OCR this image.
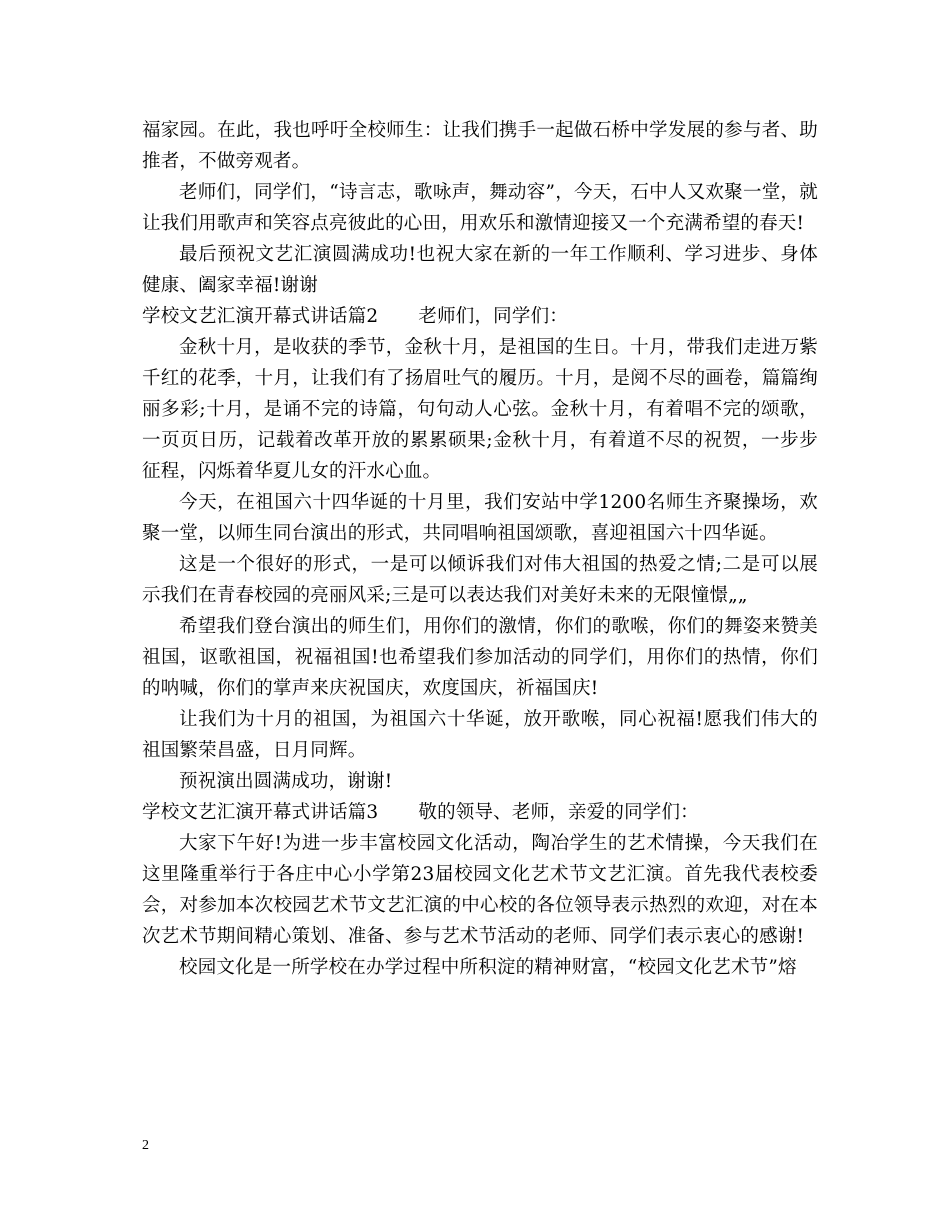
福家园。在此，我也呼吁全校师生：让我们携手一起做石桥中学发展的参与者、助推者，不做旁观者。

老师们，同学们，“诗言志，歌咏声，舞动容”，今天，石中人又欢聚一堂，就让我们用歌声和笑容点亮彼此的心田，用欢乐和激情迎接又一个充满希望的春天!

最后预祝文艺汇演圆满成功!也祝大家在新的一年工作顺利、学习进步、身体健康、阖家幸福!谢谢

学校文艺汇演开幕式讲话篇2 老师们，同学们：

金秋十月，是收获的季节，金秋十月，是祖国的生日。十月，带我们走进万紫千红的花季，十月，让我们有了扬眉吐气的履历。十月，是阅不尽的画卷，篇篇绚丽多彩;十月，是诵不完的诗篇，句句动人心弦。金秋十月，有着唱不完的颂歌，一页页日历，记载着改革开放的累累硕果;金秋十月，有着道不尽的祝贺，一步步征程，闪烁着华夏儿女的汗水心血。

今天，在祖国六十四华诞的十月里，我们安站中学1200名师生齐聚操场，欢聚一堂，以师生同台演出的形式，共同唱响祖国颂歌，喜迎祖国六十四华诞。

这是一个很好的形式，一是可以倾诉我们对伟大祖国的热爱之情;二是可以展示我们在青春校园的亮丽风采;三是可以表达我们对美好未来的无限憧憬„„

希望我们登台演出的师生们，用你们的激情，你们的歌喉，你们的舞姿来赞美祖国，讴歌祖国，祝福祖国!也希望我们参加活动的同学们，用你们的热情，你们的呐喊，你们的掌声来庆祝国庆，欢度国庆，祈福国庆!

让我们为十月的祖国，为祖国六十华诞，放开歌喉，同心祝福!愿我们伟大的祖国繁荣昌盛，日月同辉。

预祝演出圆满成功，谢谢!

学校文艺汇演开幕式讲话篇3 敬的领导、老师，亲爱的同学们：

大家下午好!为进一步丰富校园文化活动，陶冶学生的艺术情操，今天我们在这里隆重举行于各庄中心小学第23届校园文化艺术节文艺汇演。首先我代表校委会，对参加本次校园艺术节文艺汇演的中心校的各位领导表示热烈的欢迎，对在本次艺术节期间精心策划、准备、参与艺术节活动的老师、同学们表示衷心的感谢!

校园文化是一所学校在办学过程中所积淀的精神财富，“校园文化艺术节”熔

2
